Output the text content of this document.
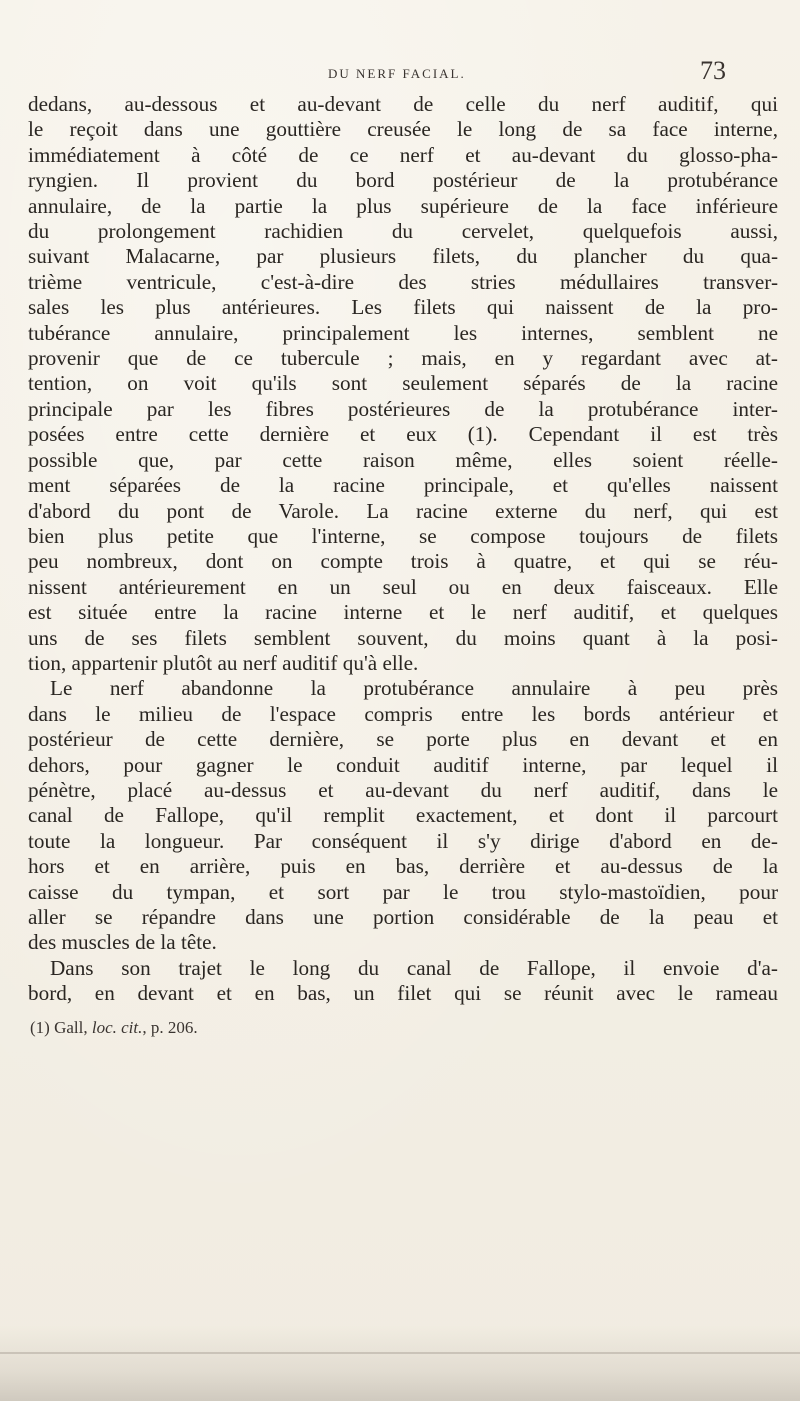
DU NERF FACIAL.	73
dedans, au-dessous et au-devant de celle du nerf auditif, qui
le reçoit dans une gouttière creusée le long de sa face interne,
immédiatement à côté de ce nerf et au-devant du glosso-pha-
ryngien. Il provient du bord postérieur de la protubérance
annulaire, de la partie la plus supérieure de la face inférieure
du prolongement rachidien du cervelet, quelquefois aussi,
suivant Malacarne, par plusieurs filets, du plancher du qua-
trième ventricule, c'est-à-dire des stries médullaires transver-
sales les plus antérieures. Les filets qui naissent de la pro-
tubérance annulaire, principalement les internes, semblent ne
provenir que de ce tubercule ; mais, en y regardant avec at-
tention, on voit qu'ils sont seulement séparés de la racine
principale par les fibres postérieures de la protubérance inter-
posées entre cette dernière et eux (1). Cependant il est très
possible que, par cette raison même, elles soient réelle-
ment séparées de la racine principale, et qu'elles naissent
d'abord du pont de Varole. La racine externe du nerf, qui est
bien plus petite que l'interne, se compose toujours de filets
peu nombreux, dont on compte trois à quatre, et qui se réu-
nissent antérieurement en un seul ou en deux faisceaux. Elle
est située entre la racine interne et le nerf auditif, et quelques
uns de ses filets semblent souvent, du moins quant à la posi-
tion, appartenir plutôt au nerf auditif qu'à elle.
Le nerf abandonne la protubérance annulaire à peu près
dans le milieu de l'espace compris entre les bords antérieur et
postérieur de cette dernière, se porte plus en devant et en
dehors, pour gagner le conduit auditif interne, par lequel il
pénètre, placé au-dessus et au-devant du nerf auditif, dans le
canal de Fallope, qu'il remplit exactement, et dont il parcourt
toute la longueur. Par conséquent il s'y dirige d'abord en de-
hors et en arrière, puis en bas, derrière et au-dessus de la
caisse du tympan, et sort par le trou stylo-mastoïdien, pour
aller se répandre dans une portion considérable de la peau et
des muscles de la tête.
Dans son trajet le long du canal de Fallope, il envoie d'a-
bord, en devant et en bas, un filet qui se réunit avec le rameau
(1) Gall, loc. cit., p. 206.
